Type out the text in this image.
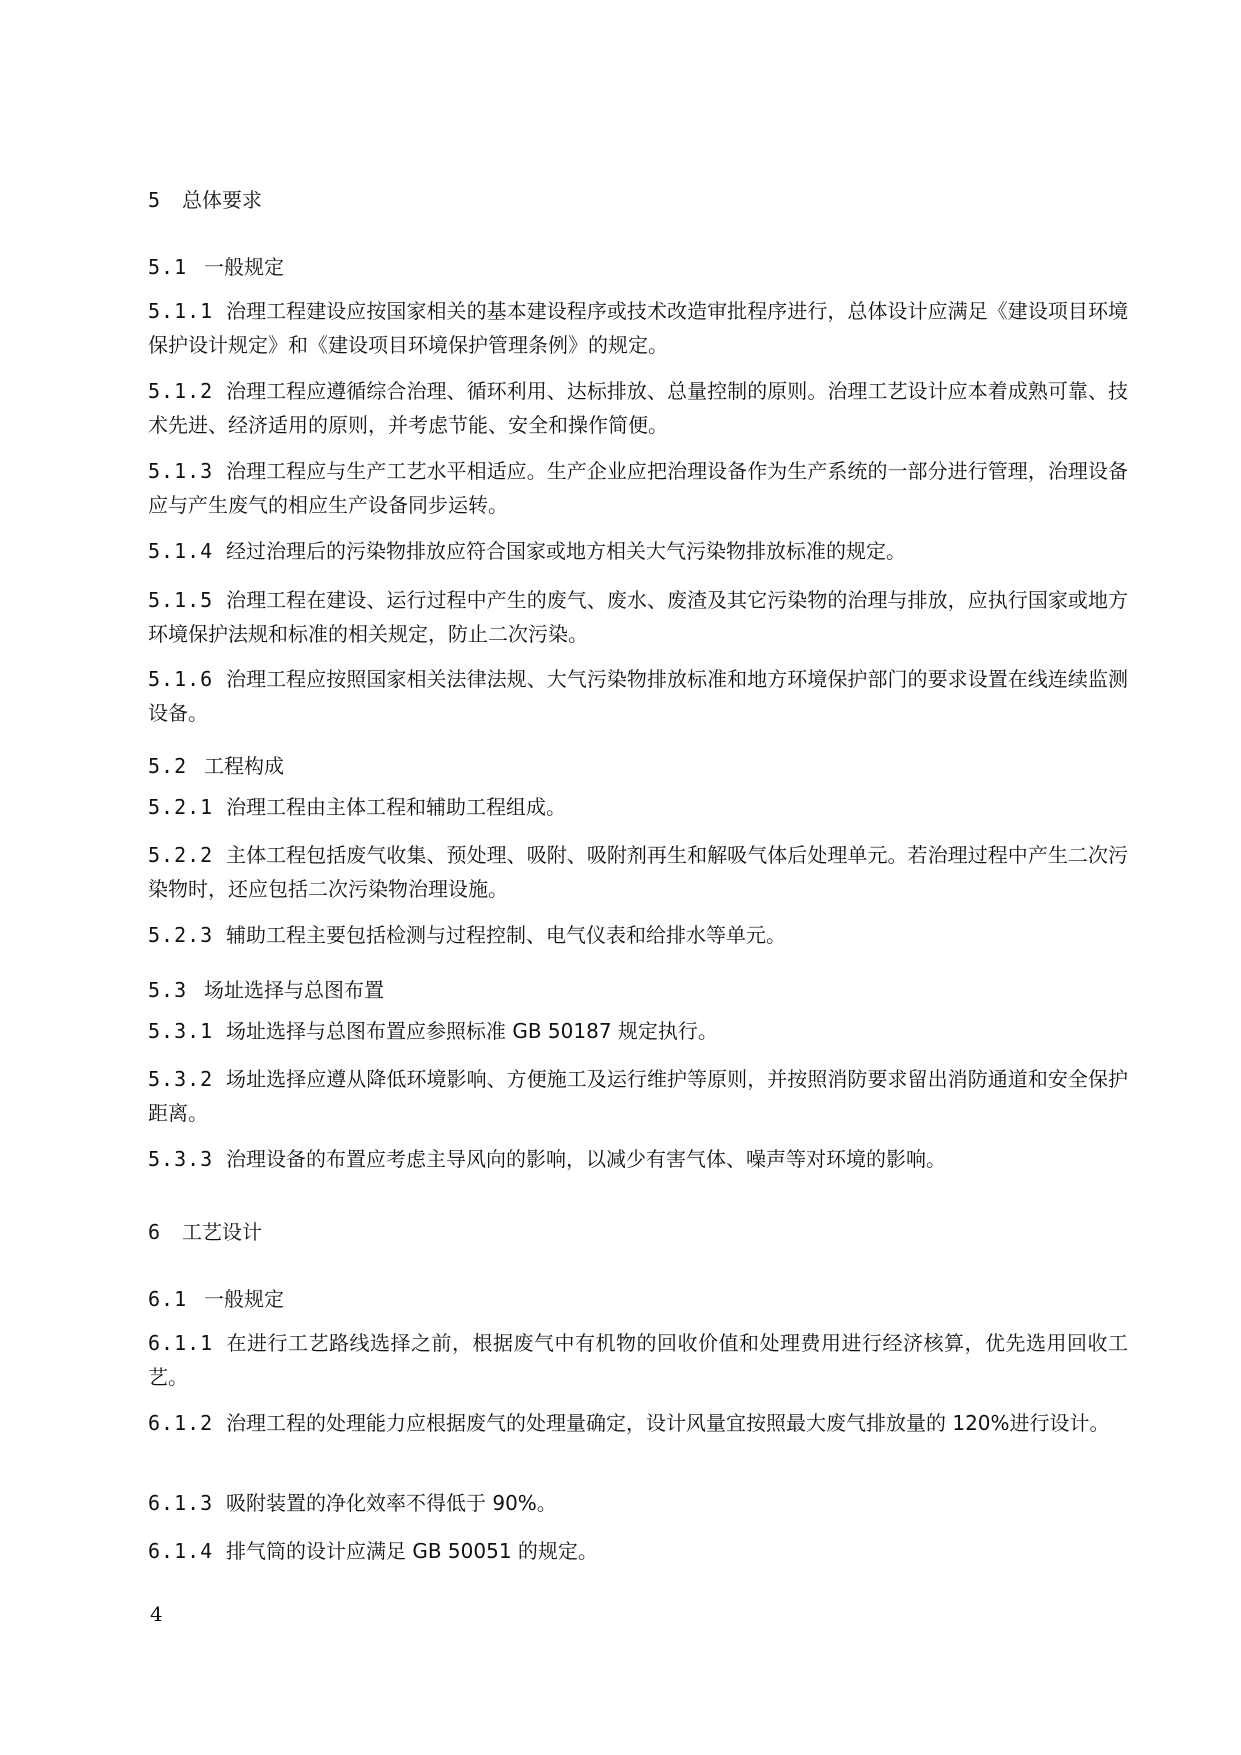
5 总体要求
5.1 一般规定
5.1.1 治理工程建设应按国家相关的基本建设程序或技术改造审批程序进行，总体设计应满足《建设项目环境保护设计规定》和《建设项目环境保护管理条例》的规定。
5.1.2 治理工程应遵循综合治理、循环利用、达标排放、总量控制的原则。治理工艺设计应本着成熟可靠、技术先进、经济适用的原则，并考虑节能、安全和操作简便。
5.1.3 治理工程应与生产工艺水平相适应。生产企业应把治理设备作为生产系统的一部分进行管理，治理设备应与产生废气的相应生产设备同步运转。
5.1.4 经过治理后的污染物排放应符合国家或地方相关大气污染物排放标准的规定。
5.1.5 治理工程在建设、运行过程中产生的废气、废水、废渣及其它污染物的治理与排放，应执行国家或地方环境保护法规和标准的相关规定，防止二次污染。
5.1.6 治理工程应按照国家相关法律法规、大气污染物排放标准和地方环境保护部门的要求设置在线连续监测设备。
5.2 工程构成
5.2.1 治理工程由主体工程和辅助工程组成。
5.2.2 主体工程包括废气收集、预处理、吸附、吸附剂再生和解吸气体后处理单元。若治理过程中产生二次污染物时，还应包括二次污染物治理设施。
5.2.3 辅助工程主要包括检测与过程控制、电气仪表和给排水等单元。
5.3 场址选择与总图布置
5.3.1 场址选择与总图布置应参照标准 GB 50187 规定执行。
5.3.2 场址选择应遵从降低环境影响、方便施工及运行维护等原则，并按照消防要求留出消防通道和安全保护距离。
5.3.3 治理设备的布置应考虑主导风向的影响，以减少有害气体、噪声等对环境的影响。
6 工艺设计
6.1 一般规定
6.1.1 在进行工艺路线选择之前，根据废气中有机物的回收价值和处理费用进行经济核算，优先选用回收工艺。
6.1.2 治理工程的处理能力应根据废气的处理量确定，设计风量宜按照最大废气排放量的 120%进行设计。
6.1.3 吸附装置的净化效率不得低于 90%。
6.1.4 排气筒的设计应满足 GB 50051 的规定。
4
